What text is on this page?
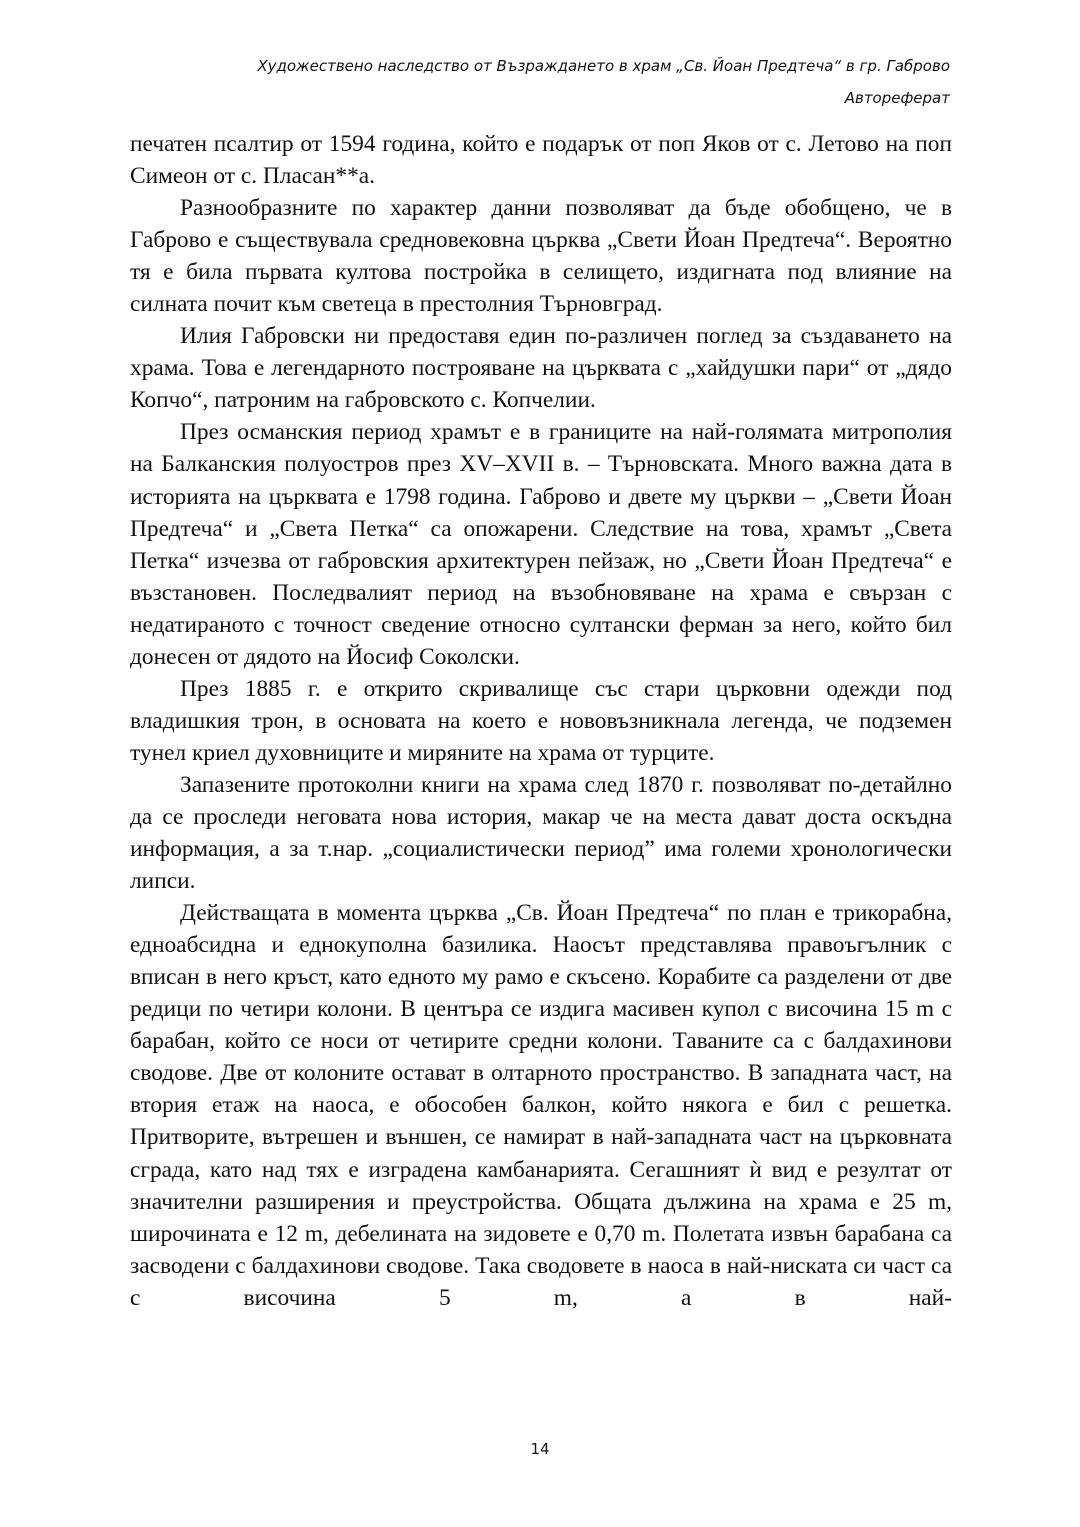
Художествено наследство от Възраждането в храм „Св. Йоан Предтеча“ в гр. Габрово
Автореферат

печатен псалтир от 1594 година, който е подарък от поп Яков от с. Летово на поп Симеон от с. Пласан**а.

Разнообразните по характер данни позволяват да бъде обобщено, че в Габрово е съществувала средновековна църква „Свети Йоан Предтеча“. Вероятно тя е била първата култова постройка в селището, издигната под влияние на силната почит към светеца в престолния Търновград.

Илия Габровски ни предоставя един по-различен поглед за създаването на храма. Това е легендарното построяване на църквата с „хайдушки пари“ от „дядо Копчо“, патроним на габровското с. Копчелии.

През османския период храмът е в границите на най-голямата митрополия на Балканския полуостров през XV–XVII в. – Търновската. Много важна дата в историята на църквата е 1798 година. Габрово и двете му църкви – „Свети Йоан Предтеча“ и „Света Петка“ са опожарени. Следствие на това, храмът „Света Петка“ изчезва от габровския архитектурен пейзаж, но „Свети Йоан Предтеча“ е възстановен. Последвалият период на възобновяване на храма е свързан с недатираното с точност сведение относно султански ферман за него, който бил донесен от дядото на Йосиф Соколски.

През 1885 г. е открито скривалище със стари църковни одежди под владишкия трон, в основата на което е нововъзникнала легенда, че подземен тунел криел духовниците и миряните на храма от турците.

Запазените протоколни книги на храма след 1870 г. позволяват по-детайлно да се проследи неговата нова история, макар че на места дават доста оскъдна информация, а за т.нар. „социалистически период” има големи хронологически липси.

Действащата в момента църква „Св. Йоан Предтеча“ по план е трикорабна, едноабсидна и еднокуполна базилика. Наосът представлява правоъгълник с вписан в него кръст, като едното му рамо е скъсено. Корабите са разделени от две редици по четири колони. В центъра се издига масивен купол с височина 15 m с барабан, който се носи от четирите средни колони. Таваните са с балдахинови сводове. Две от колоните остават в олтарното пространство. В западната част, на втория етаж на наоса, е обособен балкон, който някога е бил с решетка. Притворите, вътрешен и външен, се намират в най-западната част на църковната сграда, като над тях е изградена камбанарията. Сегашният ѝ вид е резултат от значителни разширения и преустройства. Общата дължина на храма е 25 m, широчината е 12 m, дебелината на зидовете е 0,70 m. Полетата извън барабана са засводени с балдахинови сводове. Така сводовете в наоса в най-ниската си част са с височина 5 m, а в най-

14
